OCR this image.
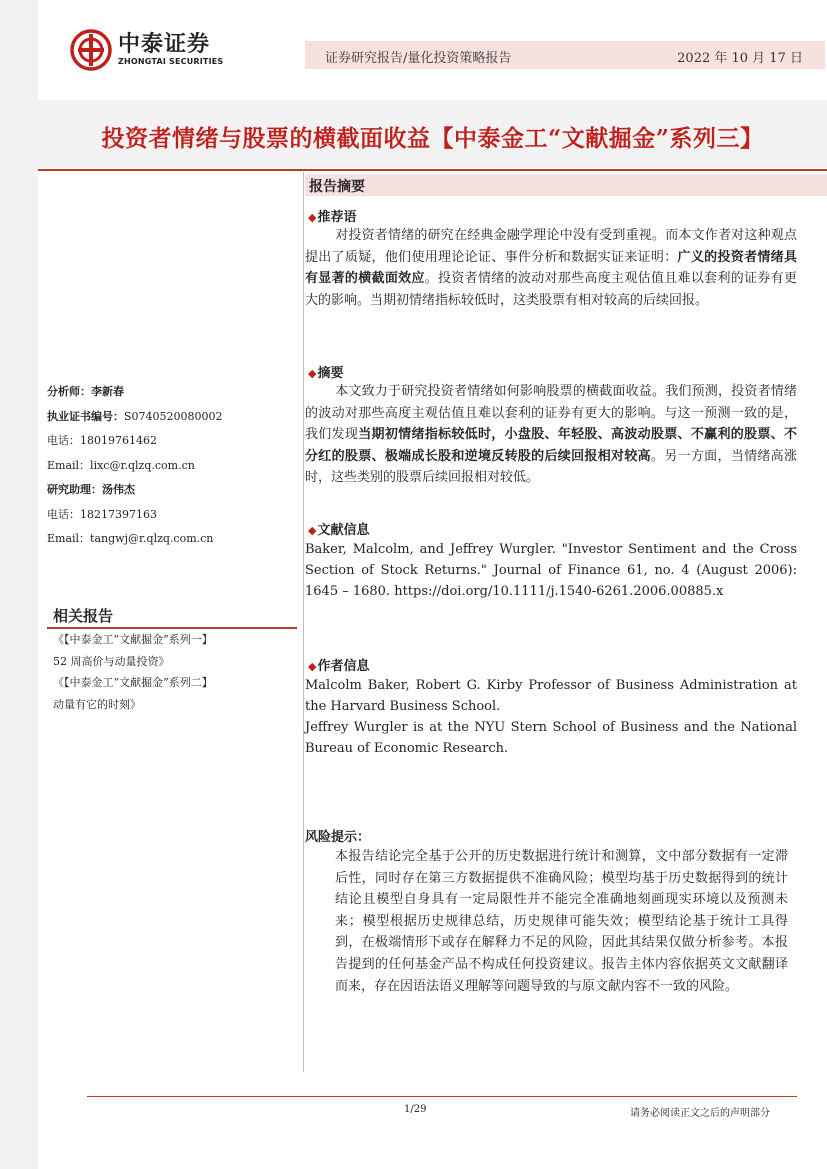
中泰证券
ZHONGTAI SECURITIES	证券研究报告/量化投资策略报告	2022 年 10 月 17 日
投资者情绪与股票的横截面收益【中泰金工“文献掘金”系列三】
分析师：李新春
执业证书编号：S0740520080002
电话：18019761462
Email：lixc@r.qlzq.com.cn
研究助理：汤伟杰
电话：18217397163
Email：tangwj@r.qlzq.com.cn
相关报告
《【中泰金工“文献掘金”系列一】
52 周高价与动量投资》
《【中泰金工“文献掘金”系列二】
动量有它的时刻》
报告摘要
◆推荐语
对投资者情绪的研究在经典金融学理论中没有受到重视。而本文作者对这种观点提出了质疑，他们使用理论论证、事件分析和数据实证来证明：广义的投资者情绪具有显著的横截面效应。投资者情绪的波动对那些高度主观估值且难以套利的证券有更大的影响。当期初情绪指标较低时，这类股票有相对较高的后续回报。
◆摘要
本文致力于研究投资者情绪如何影响股票的横截面收益。我们预测，投资者情绪的波动对那些高度主观估值且难以套利的证券有更大的影响。与这一预测一致的是，我们发现当期初情绪指标较低时，小盘股、年轻股、高波动股票、不赢利的股票、不分红的股票、极端成长股和逆境反转股的后续回报相对较高。另一方面，当情绪高涨时，这些类别的股票后续回报相对较低。
◆文献信息
Baker, Malcolm, and Jeffrey Wurgler. "Investor Sentiment and the Cross Section of Stock Returns." Journal of Finance 61, no. 4 (August 2006): 1645 – 1680. https://doi.org/10.1111/j.1540-6261.2006.00885.x
◆作者信息
Malcolm Baker, Robert G. Kirby Professor of Business Administration at the Harvard Business School.
Jeffrey Wurgler is at the NYU Stern School of Business and the National Bureau of Economic Research.
风险提示：
本报告结论完全基于公开的历史数据进行统计和测算，文中部分数据有一定滞后性，同时存在第三方数据提供不准确风险；模型均基于历史数据得到的统计结论且模型自身具有一定局限性并不能完全准确地刻画现实环境以及预测未来；模型根据历史规律总结，历史规律可能失效；模型结论基于统计工具得到，在极端情形下或存在解释力不足的风险，因此其结果仅做分析参考。本报告提到的任何基金产品不构成任何投资建议。报告主体内容依据英文文献翻译而来，存在因语法语义理解等问题导致的与原文献内容不一致的风险。
1/29	请务必阅读正文之后的声明部分
